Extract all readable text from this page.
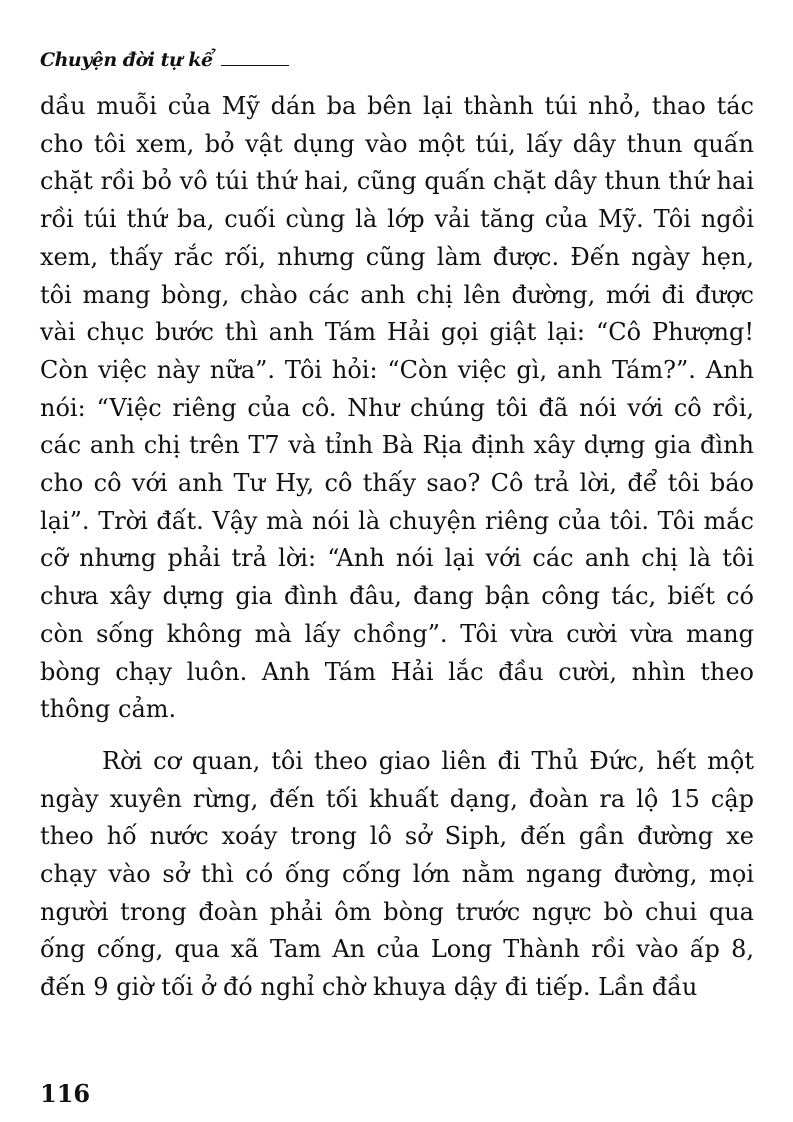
Chuyện đời tự kể

dầu muỗi của Mỹ dán ba bên lại thành túi nhỏ, thao tác cho tôi xem, bỏ vật dụng vào một túi, lấy dây thun quấn chặt rồi bỏ vô túi thứ hai, cũng quấn chặt dây thun thứ hai rồi túi thứ ba, cuối cùng là lớp vải tăng của Mỹ. Tôi ngồi xem, thấy rắc rối, nhưng cũng làm được. Đến ngày hẹn, tôi mang bòng, chào các anh chị lên đường, mới đi được vài chục bước thì anh Tám Hải gọi giật lại: “Cô Phượng! Còn việc này nữa”. Tôi hỏi: “Còn việc gì, anh Tám?”. Anh nói: “Việc riêng của cô. Như chúng tôi đã nói với cô rồi, các anh chị trên T7 và tỉnh Bà Rịa định xây dựng gia đình cho cô với anh Tư Hy, cô thấy sao? Cô trả lời, để tôi báo lại”. Trời đất. Vậy mà nói là chuyện riêng của tôi. Tôi mắc cỡ nhưng phải trả lời: “Anh nói lại với các anh chị là tôi chưa xây dựng gia đình đâu, đang bận công tác, biết có còn sống không mà lấy chồng”. Tôi vừa cười vừa mang bòng chạy luôn. Anh Tám Hải lắc đầu cười, nhìn theo thông cảm.

Rời cơ quan, tôi theo giao liên đi Thủ Đức, hết một ngày xuyên rừng, đến tối khuất dạng, đoàn ra lộ 15 cập theo hố nước xoáy trong lô sở Siph, đến gần đường xe chạy vào sở thì có ống cống lớn nằm ngang đường, mọi người trong đoàn phải ôm bòng trước ngực bò chui qua ống cống, qua xã Tam An của Long Thành rồi vào ấp 8, đến 9 giờ tối ở đó nghỉ chờ khuya dậy đi tiếp. Lần đầu

116
